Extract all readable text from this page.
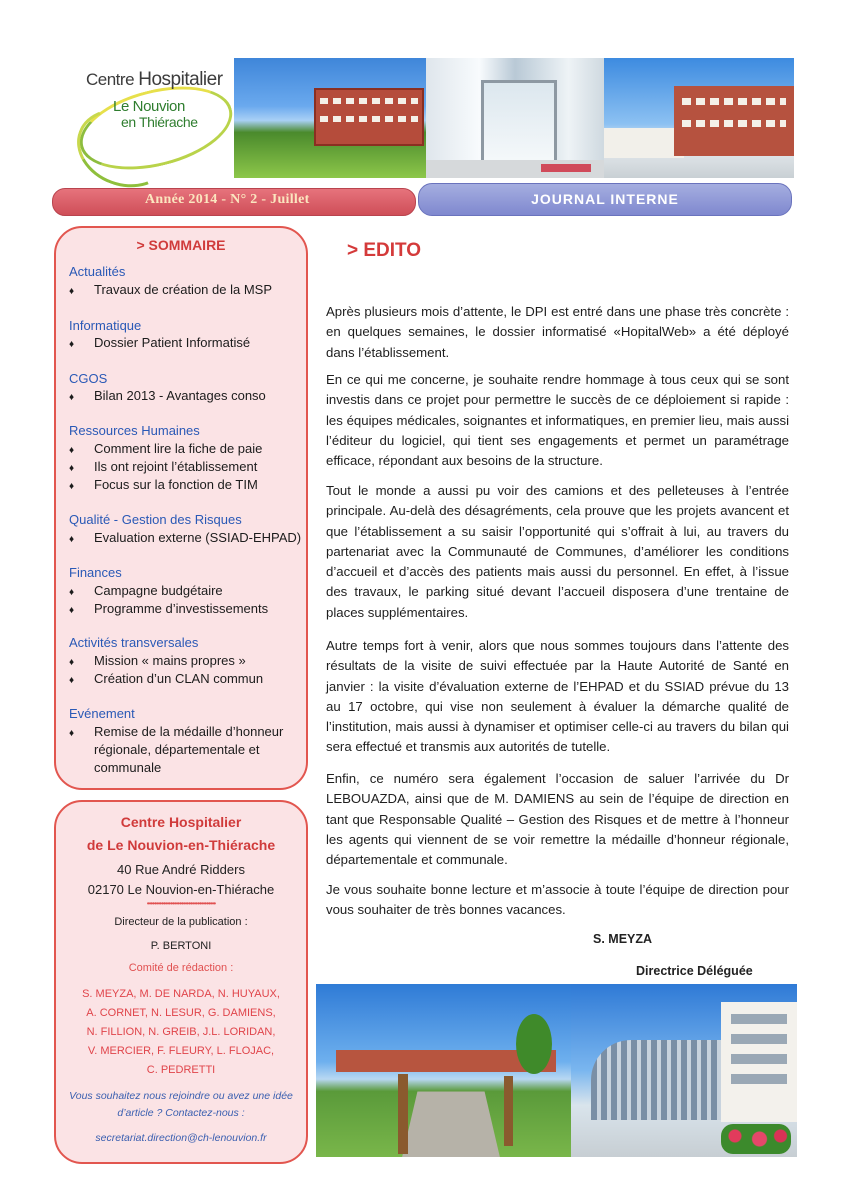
Centre Hospitalier
Le Nouvion
en Thiérache
Année 2014 - N° 2 - Juillet	JOURNAL INTERNE
> SOMMAIRE
Actualités
♦ Travaux de création de la MSP
Informatique
♦ Dossier Patient Informatisé
CGOS
♦ Bilan 2013 - Avantages conso
Ressources Humaines
♦ Comment lire la fiche de paie
♦ Ils ont rejoint l’établissement
♦ Focus sur la fonction de TIM
Qualité - Gestion des Risques
♦ Evaluation externe (SSIAD-EHPAD)
Finances
♦ Campagne budgétaire
♦ Programme d’investissements
Activités transversales
♦ Mission « mains propres »
♦ Création d’un CLAN commun
Evénement
♦ Remise de la médaille d’honneur
régionale, départementale et
communale
Centre Hospitalier
de Le Nouvion-en-Thiérache
40 Rue André Ridders
02170 Le Nouvion-en-Thiérache
••••••••••••••••••••••••••••••••••••••
Directeur de la publication :
P. BERTONI
Comité de rédaction :
S. MEYZA, M. DE NARDA, N. HUYAUX,
A. CORNET, N. LESUR, G. DAMIENS,
N. FILLION, N. GREIB, J.L. LORIDAN,
V. MERCIER, F. FLEURY, L. FLOJAC,
C. PEDRETTI
Vous souhaitez nous rejoindre ou avez une idée
d’article ? Contactez-nous :
secretariat.direction@ch-lenouvion.fr
> EDITO
Après plusieurs mois d’attente, le DPI est entré dans une phase très concrète : en quelques semaines, le dossier informatisé «HopitalWeb» a été déployé dans l’établissement.
En ce qui me concerne, je souhaite rendre hommage à tous ceux qui se sont investis dans ce projet pour permettre le succès de ce déploiement si rapide : les équipes médicales, soignantes et informatiques, en premier lieu, mais aussi l’éditeur du logiciel, qui tient ses engagements et permet un paramétrage efficace, répondant aux besoins de la structure.
Tout le monde a aussi pu voir des camions et des pelleteuses à l’entrée principale. Au-delà des désagréments, cela prouve que les projets avancent et que l’établissement a su saisir l’opportunité qui s’offrait à lui, au travers du partenariat avec la Communauté de Communes, d’améliorer les conditions d’accueil et d’accès des patients mais aussi du personnel. En effet, à l’issue des travaux, le parking situé devant l’accueil disposera d’une trentaine de places supplémentaires.
Autre temps fort à venir, alors que nous sommes toujours dans l’attente des résultats de la visite de suivi effectuée par la Haute Autorité de Santé en janvier : la visite d’évaluation externe de l’EHPAD et du SSIAD prévue du 13 au 17 octobre, qui vise non seulement à évaluer la démarche qualité de l’institution, mais aussi à dynamiser et optimiser celle-ci au travers du bilan qui sera effectué et transmis aux autorités de tutelle.
Enfin, ce numéro sera également l’occasion de saluer l’arrivée du Dr LEBOUAZDA, ainsi que de M. DAMIENS au sein de l’équipe de direction en tant que Responsable Qualité – Gestion des Risques et de mettre à l’honneur les agents qui viennent de se voir remettre la médaille d’honneur régionale, départementale et communale.
Je vous souhaite bonne lecture et m’associe à toute l’équipe de direction pour vous souhaiter de très bonnes vacances.
S. MEYZA
Directrice Déléguée
